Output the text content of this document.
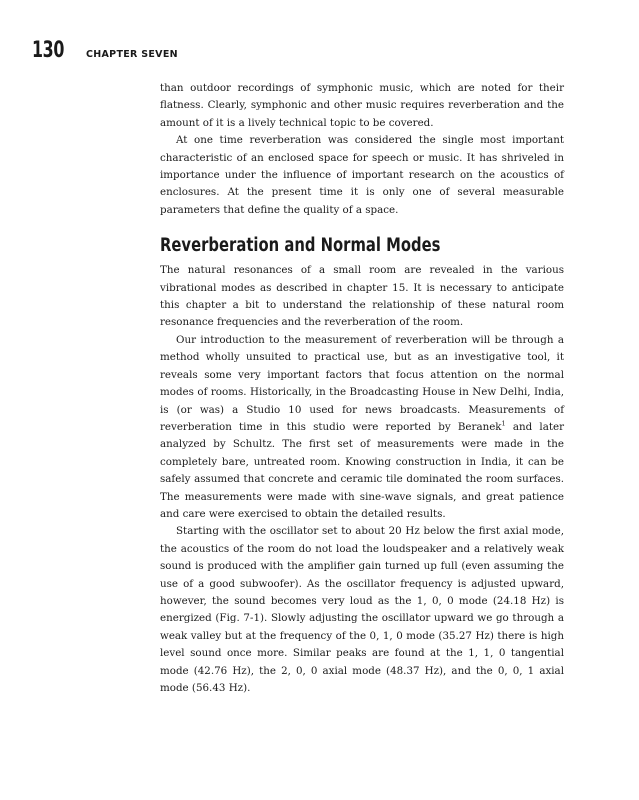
130 CHAPTER SEVEN

than outdoor recordings of symphonic music, which are noted for their flatness. Clearly, symphonic and other music requires reverberation and the amount of it is a lively technical topic to be covered.

At one time reverberation was considered the single most important characteristic of an enclosed space for speech or music. It has shriveled in importance under the influence of important research on the acoustics of enclosures. At the present time it is only one of several measurable parameters that define the quality of a space.

Reverberation and Normal Modes

The natural resonances of a small room are revealed in the various vibrational modes as described in chapter 15. It is necessary to anticipate this chapter a bit to understand the relationship of these natural room resonance frequencies and the reverberation of the room.

Our introduction to the measurement of reverberation will be through a method wholly unsuited to practical use, but as an investigative tool, it reveals some very important factors that focus attention on the normal modes of rooms. Historically, in the Broadcasting House in New Delhi, India, is (or was) a Studio 10 used for news broadcasts. Measurements of reverberation time in this studio were reported by Beranek$^1$ and later analyzed by Schultz. The first set of measurements were made in the completely bare, untreated room. Knowing construction in India, it can be safely assumed that concrete and ceramic tile dominated the room surfaces. The measurements were made with sine-wave signals, and great patience and care were exercised to obtain the detailed results.

Starting with the oscillator set to about 20 Hz below the first axial mode, the acoustics of the room do not load the loudspeaker and a relatively weak sound is produced with the amplifier gain turned up full (even assuming the use of a good subwoofer). As the oscillator frequency is adjusted upward, however, the sound becomes very loud as the 1, 0, 0 mode (24.18 Hz) is energized (Fig. 7-1). Slowly adjusting the oscillator upward we go through a weak valley but at the frequency of the 0, 1, 0 mode (35.27 Hz) there is high level sound once more. Similar peaks are found at the 1, 1, 0 tangential mode (42.76 Hz), the 2, 0, 0 axial mode (48.37 Hz), and the 0, 0, 1 axial mode (56.43 Hz).
